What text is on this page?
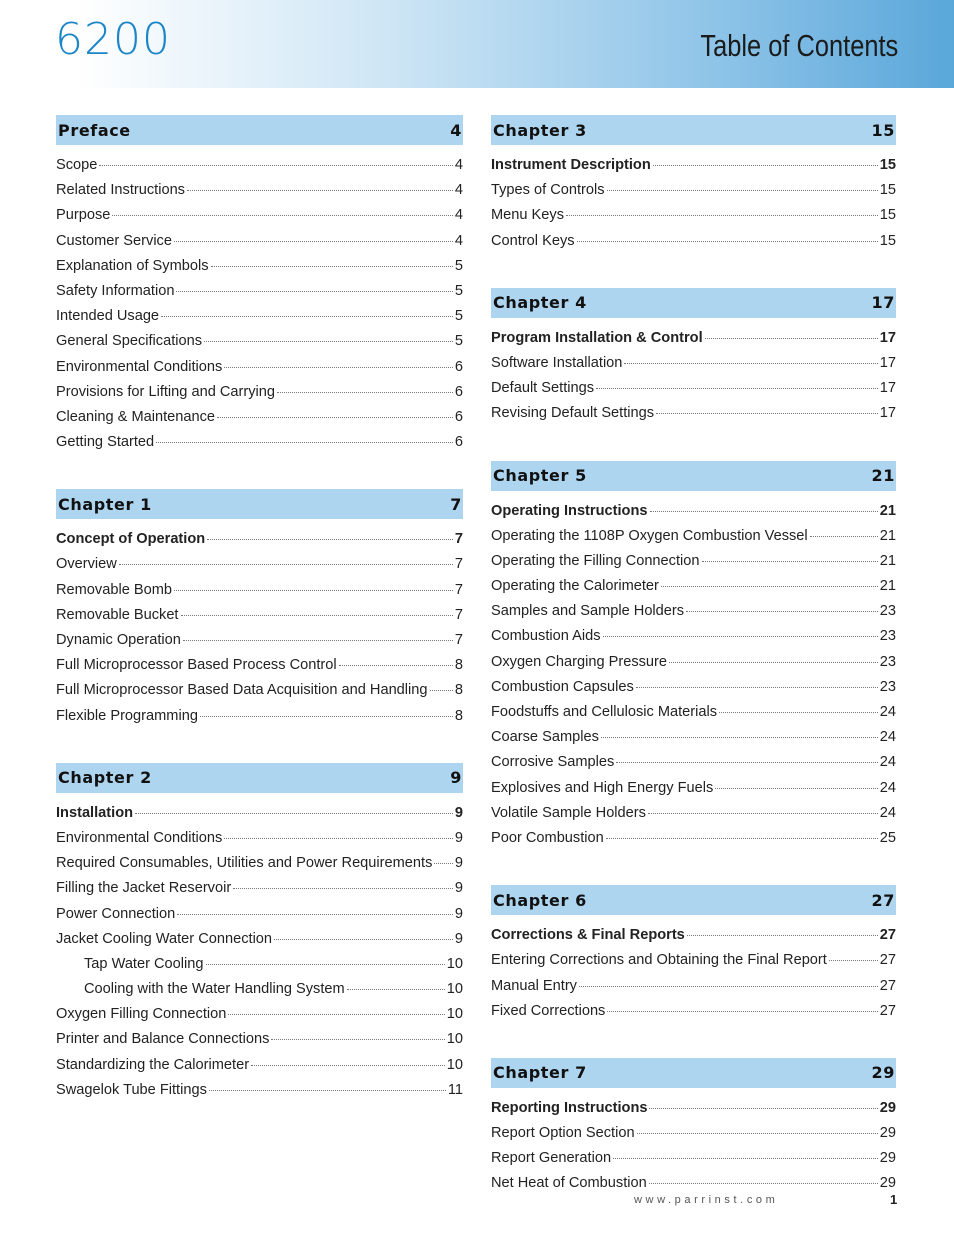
6200	Table of Contents
Preface	4
Scope	4
Related Instructions	4
Purpose	4
Customer Service	4
Explanation of Symbols	5
Safety Information	5
Intended Usage	5
General Specifications	5
Environmental Conditions	6
Provisions for Lifting and Carrying	6
Cleaning & Maintenance	6
Getting Started	6
Chapter 1	7
Concept of Operation	7
Overview	7
Removable Bomb	7
Removable Bucket	7
Dynamic Operation	7
Full Microprocessor Based Process Control	8
Full Microprocessor Based Data Acquisition and Handling 8
Flexible Programming	8
Chapter 2	9
Installation	9
Environmental Conditions	9
Required Consumables, Utilities and Power Requirements 9
Filling the Jacket Reservoir	9
Power Connection	9
Jacket Cooling Water Connection	9
Tap Water Cooling	10
Cooling with the Water Handling System	10
Oxygen Filling Connection	10
Printer and Balance Connections	10
Standardizing the Calorimeter	10
Swagelok Tube Fittings	11
Chapter 3	15
Instrument Description	15
Types of Controls	15
Menu Keys	15
Control Keys	15
Chapter 4	17
Program Installation & Control	17
Software Installation	17
Default Settings	17
Revising Default Settings	17
Chapter 5	21
Operating Instructions	21
Operating the 1108P Oxygen Combustion Vessel	21
Operating the Filling Connection	21
Operating the Calorimeter	21
Samples and Sample Holders	23
Combustion Aids	23
Oxygen Charging Pressure	23
Combustion Capsules	23
Foodstuffs and Cellulosic Materials	24
Coarse Samples	24
Corrosive Samples	24
Explosives and High Energy Fuels	24
Volatile Sample Holders	24
Poor Combustion	25
Chapter 6	27
Corrections & Final Reports	27
Entering Corrections and Obtaining the Final Report	27
Manual Entry	27
Fixed Corrections	27
Chapter 7	29
Reporting Instructions	29
Report Option Section	29
Report Generation	29
Net Heat of Combustion	29
www.parrinst.com	1
